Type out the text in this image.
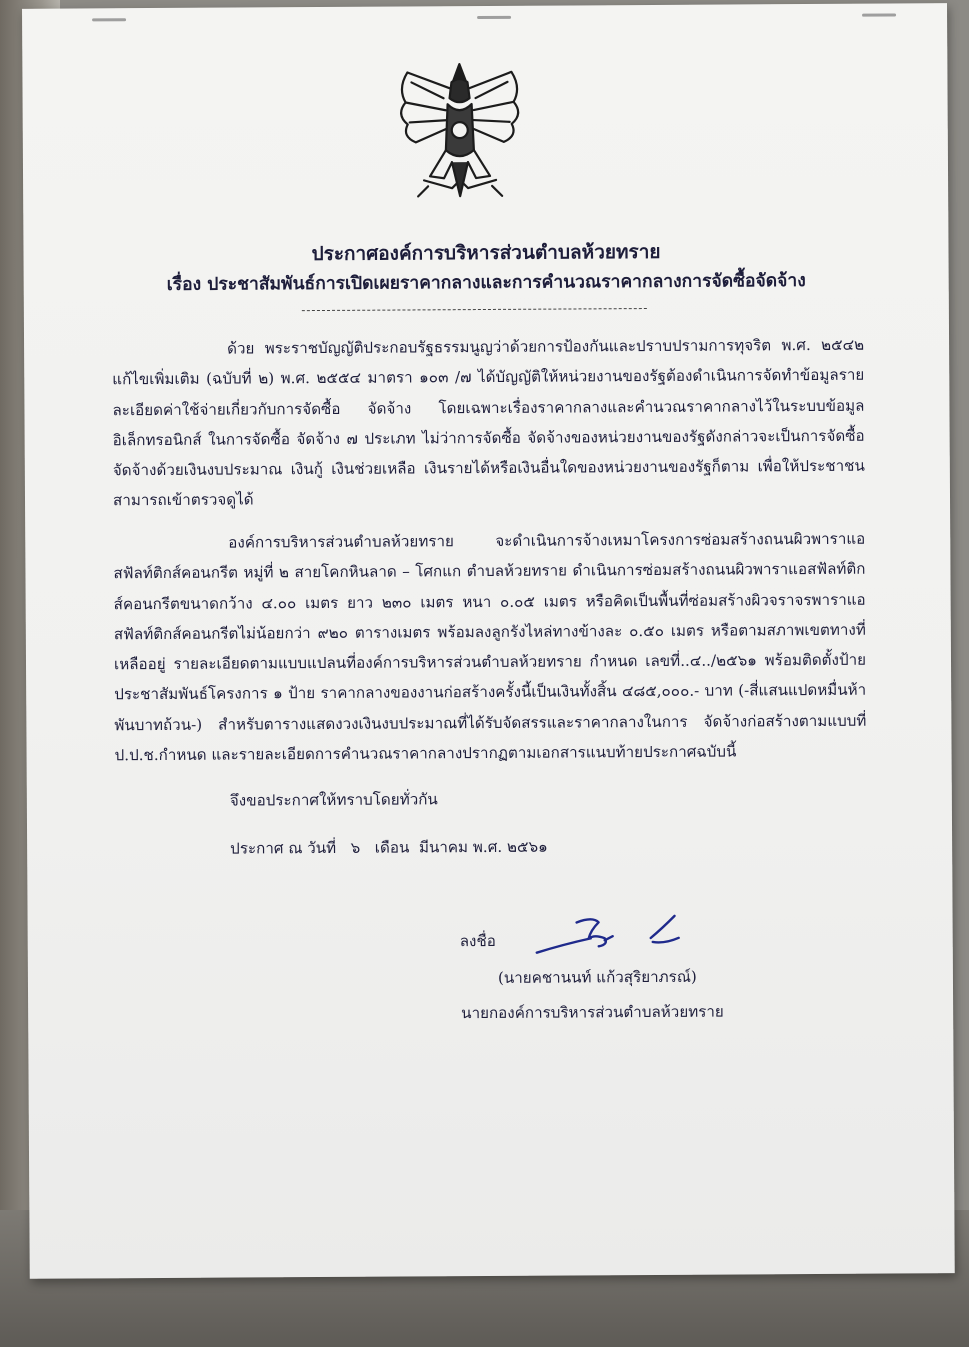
ประกาศองค์การบริหารส่วนตำบลห้วยทราย
เรื่อง ประชาสัมพันธ์การเปิดเผยราคากลางและการคำนวณราคากลางการจัดซื้อจัดจ้าง

ด้วย พระราชบัญญัติประกอบรัฐธรรมนูญว่าด้วยการป้องกันและปราบปรามการทุจริต พ.ศ. ๒๕๔๒ แก้ไขเพิ่มเติม (ฉบับที่ ๒) พ.ศ. ๒๕๕๔ มาตรา ๑๐๓ /๗ ได้บัญญัติให้หน่วยงานของรัฐต้องดำเนินการจัดทำข้อมูลรายละเอียดค่าใช้จ่ายเกี่ยวกับการจัดซื้อ จัดจ้าง โดยเฉพาะเรื่องราคากลางและคำนวณราคากลางไว้ในระบบข้อมูลอิเล็กทรอนิกส์ ในการจัดซื้อ จัดจ้าง ๗ ประเภท ไม่ว่าการจัดซื้อ จัดจ้างของหน่วยงานของรัฐดังกล่าวจะเป็นการจัดซื้อ จัดจ้างด้วยเงินงบประมาณ เงินกู้ เงินช่วยเหลือ เงินรายได้หรือเงินอื่นใดของหน่วยงานของรัฐก็ตาม เพื่อให้ประชาชนสามารถเข้าตรวจดูได้

องค์การบริหารส่วนตำบลห้วยทราย จะดำเนินการจ้างเหมาโครงการซ่อมสร้างถนนผิวพาราแอสฟัลท์ติกส์คอนกรีต หมู่ที่ ๒ สายโคกหินลาด – โศกแก ตำบลห้วยทราย ดำเนินการซ่อมสร้างถนนผิวพาราแอสฟัลท์ติกส์คอนกรีตขนาดกว้าง ๔.๐๐ เมตร ยาว ๒๓๐ เมตร หนา ๐.๐๕ เมตร หรือคิดเป็นพื้นที่ซ่อมสร้างผิวจราจรพาราแอสฟัลท์ติกส์คอนกรีตไม่น้อยกว่า ๙๒๐ ตารางเมตร พร้อมลงลูกรังไหล่ทางข้างละ ๐.๕๐ เมตร หรือตามสภาพเขตทางที่เหลืออยู่ รายละเอียดตามแบบแปลนที่องค์การบริหารส่วนตำบลห้วยทราย กำหนด เลขที่..๔../๒๕๖๑ พร้อมติดตั้งป้ายประชาสัมพันธ์โครงการ ๑ ป้าย ราคากลางของงานก่อสร้างครั้งนี้เป็นเงินทั้งสิ้น ๔๘๕,๐๐๐.- บาท (-สี่แสนแปดหมื่นห้าพันบาทถ้วน-) สำหรับตารางแสดงวงเงินงบประมาณที่ได้รับจัดสรรและราคากลางในการ จัดจ้างก่อสร้างตามแบบที่ ป.ป.ช.กำหนด และรายละเอียดการคำนวณราคากลางปรากฏตามเอกสารแนบท้ายประกาศฉบับนี้

จึงขอประกาศให้ทราบโดยทั่วกัน
ประกาศ ณ วันที่   ๖   เดือน  มีนาคม พ.ศ. ๒๕๖๑
ลงชื่อ
(นายคชานนท์ แก้วสุริยาภรณ์)
นายกองค์การบริหารส่วนตำบลห้วยทราย
